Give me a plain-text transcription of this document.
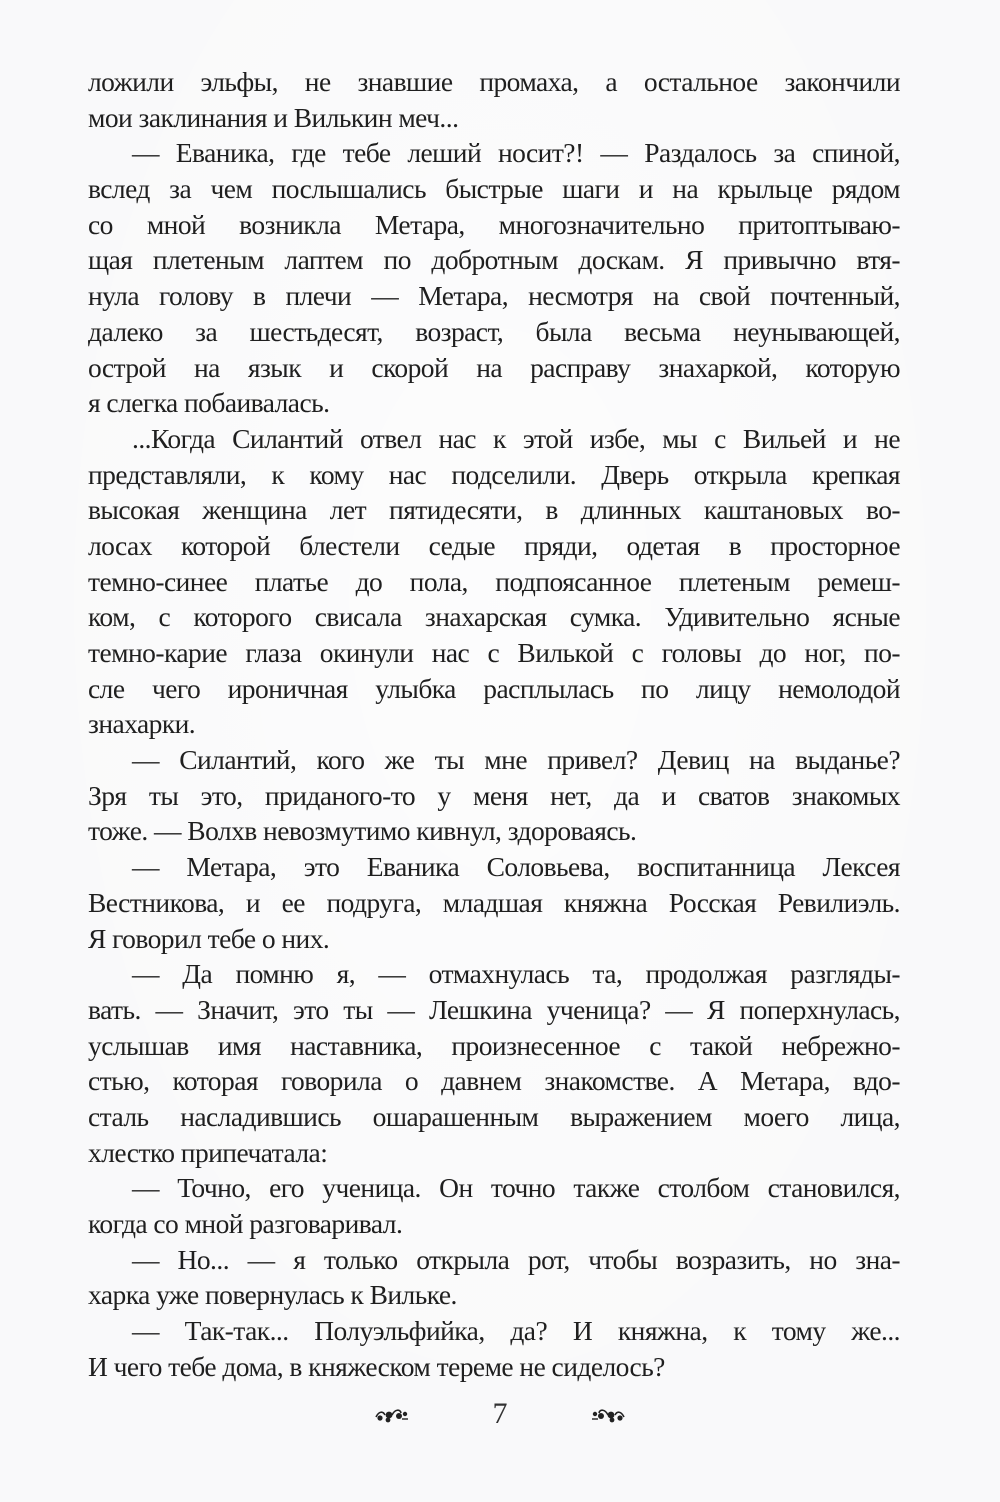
ложили эльфы, не знавшие промаха, а остальное закончили
мои заклинания и Вилькин меч...
— Еваника, где тебе леший носит?! — Раздалось за спиной,
вслед за чем послышались быстрые шаги и на крыльце рядом
со мной возникла Метара, многозначительно притоптываю-
щая плетеным лаптем по добротным доскам. Я привычно втя-
нула голову в плечи — Метара, несмотря на свой почтенный,
далеко за шестьдесят, возраст, была весьма неунывающей,
острой на язык и скорой на расправу знахаркой, которую
я слегка побаивалась.
...Когда Силантий отвел нас к этой избе, мы с Вильей и не
представляли, к кому нас подселили. Дверь открыла крепкая
высокая женщина лет пятидесяти, в длинных каштановых во-
лосах которой блестели седые пряди, одетая в просторное
темно-синее платье до пола, подпоясанное плетеным ремеш-
ком, с которого свисала знахарская сумка. Удивительно ясные
темно-карие глаза окинули нас с Вилькой с головы до ног, по-
сле чего ироничная улыбка расплылась по лицу немолодой
знахарки.
— Силантий, кого же ты мне привел? Девиц на выданье?
Зря ты это, приданого-то у меня нет, да и сватов знакомых
тоже. — Волхв невозмутимо кивнул, здороваясь.
— Метара, это Еваника Соловьева, воспитанница Лексея
Вестникова, и ее подруга, младшая княжна Росская Ревилиэль.
Я говорил тебе о них.
— Да помню я, — отмахнулась та, продолжая разгляды-
вать. — Значит, это ты — Лешкина ученица? — Я поперхнулась,
услышав имя наставника, произнесенное с такой небрежно-
стью, которая говорила о давнем знакомстве. А Метара, вдо-
сталь насладившись ошарашенным выражением моего лица,
хлестко припечатала:
— Точно, его ученица. Он точно также столбом становился,
когда со мной разговаривал.
— Но... — я только открыла рот, чтобы возразить, но зна-
харка уже повернулась к Вильке.
— Так-так... Полуэльфийка, да? И княжна, к тому же...
И чего тебе дома, в княжеском тереме не сиделось?
7
